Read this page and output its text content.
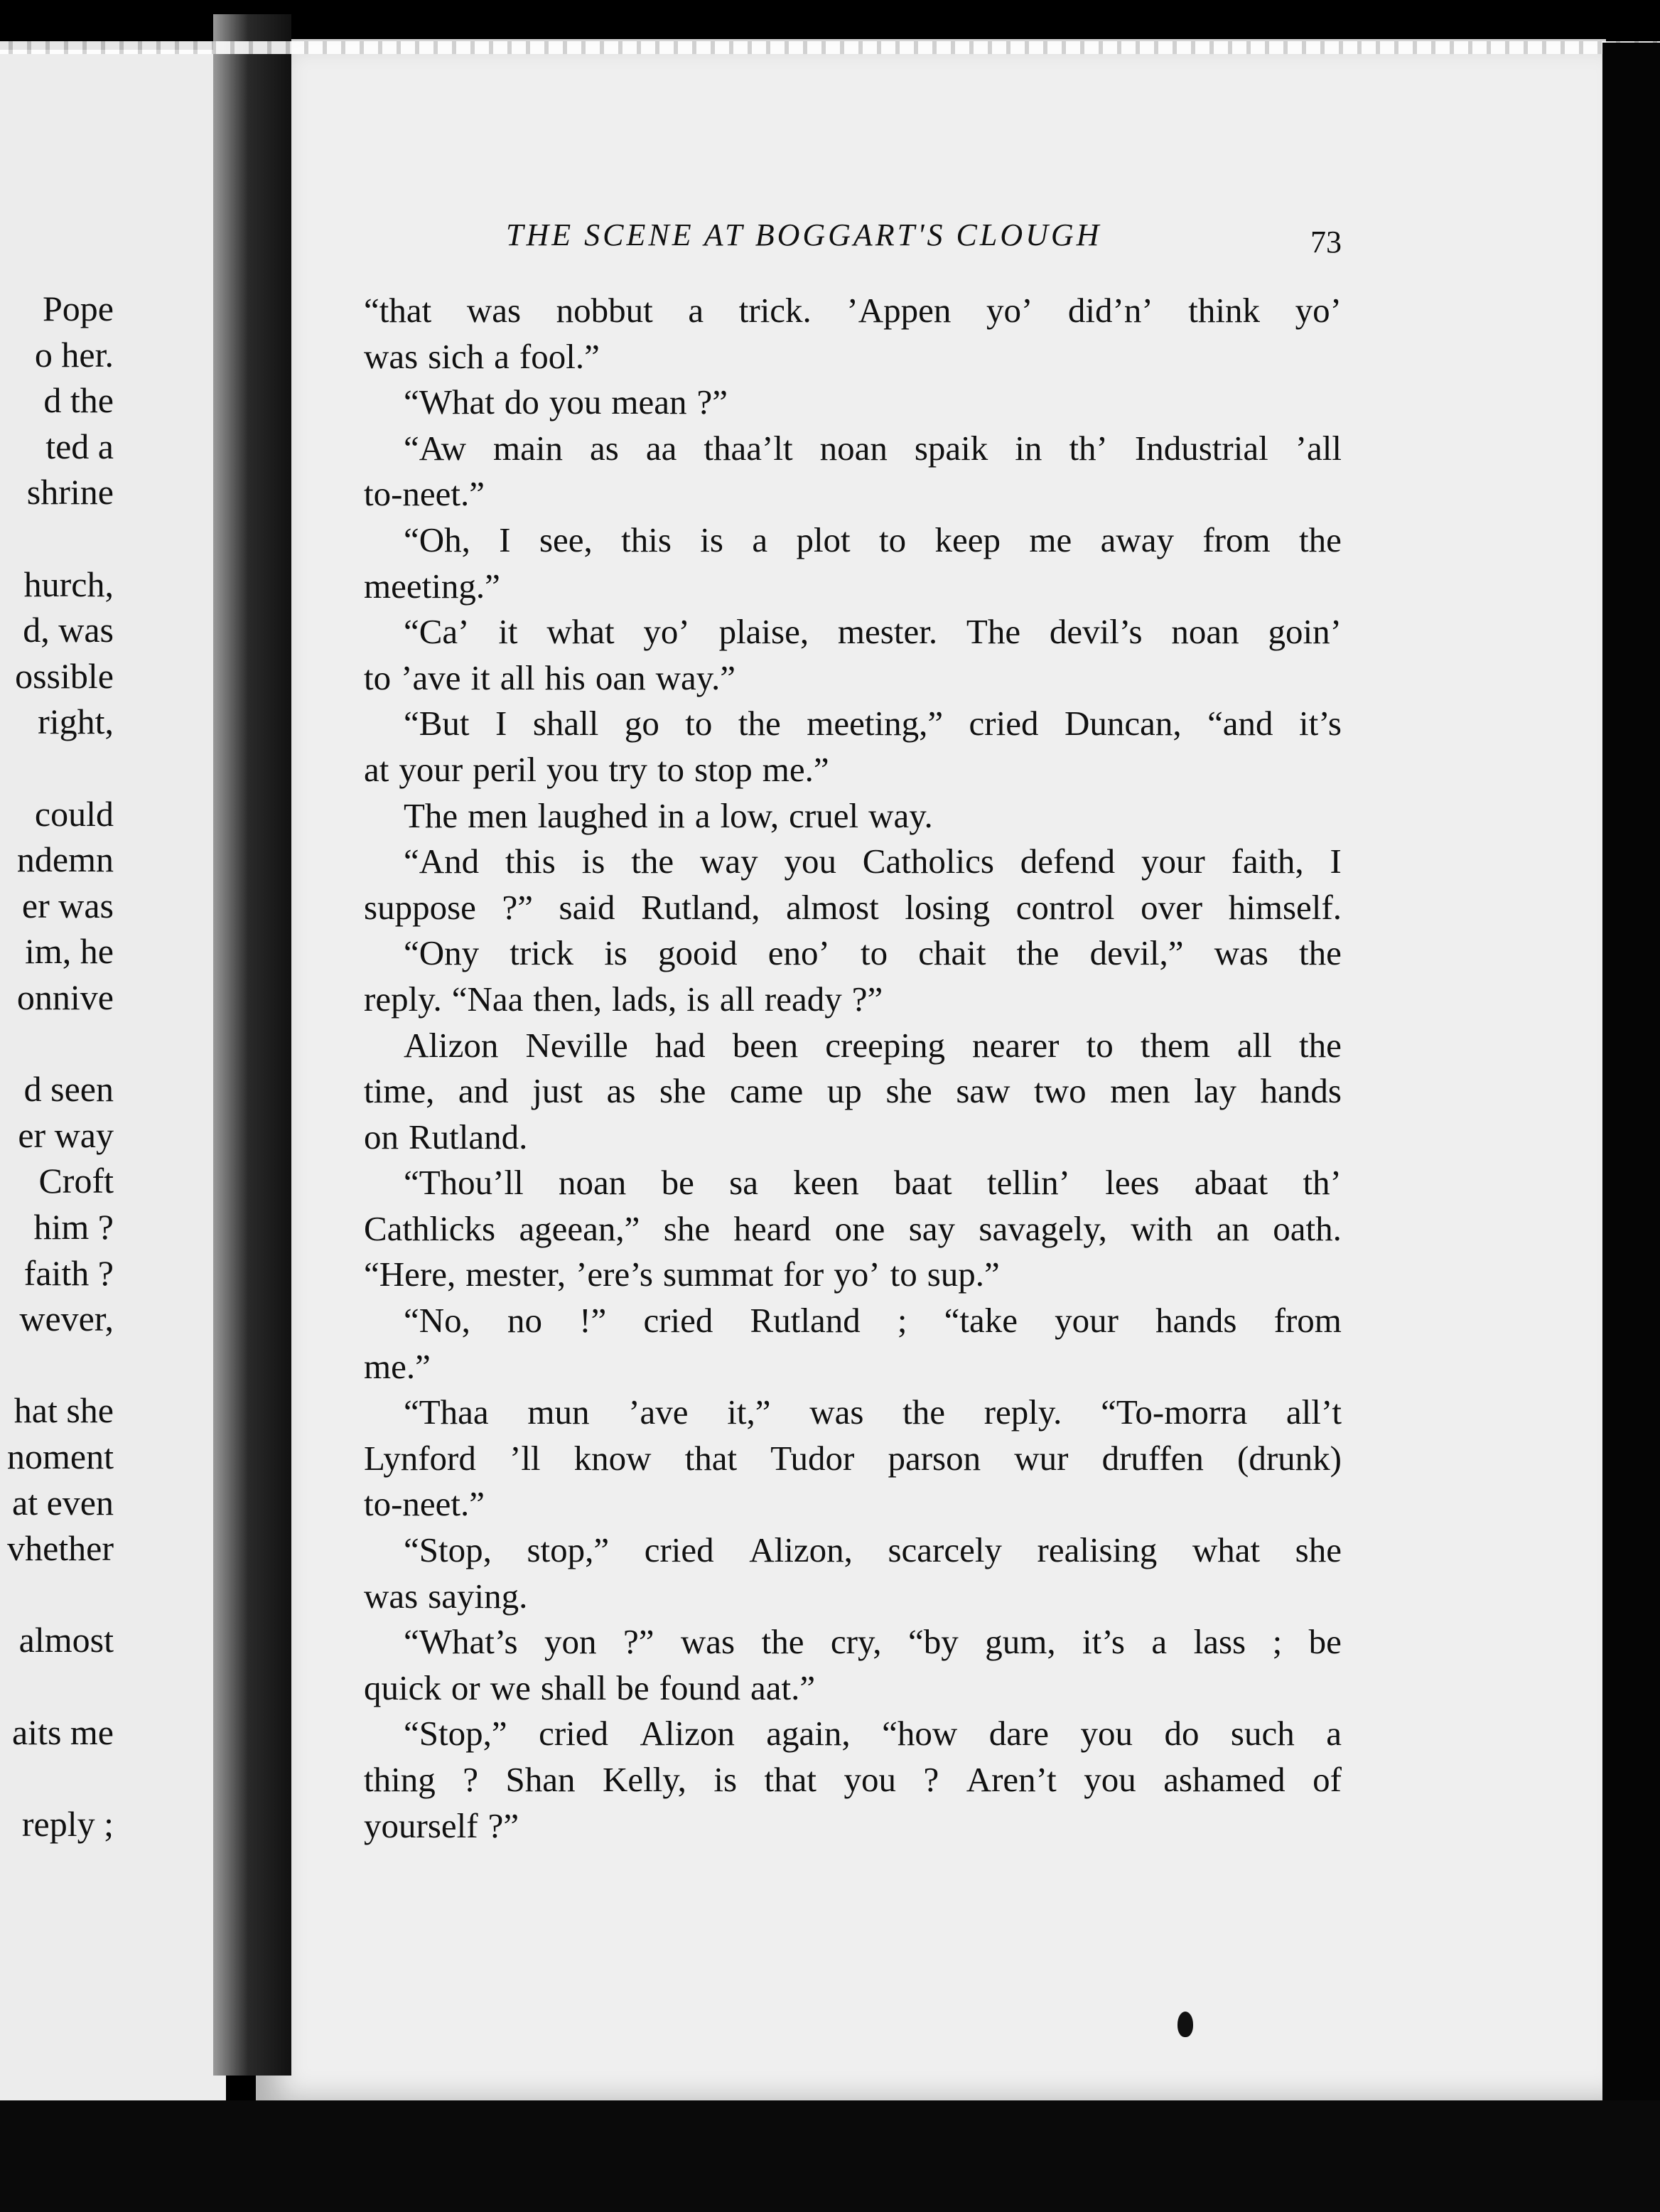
Pope
o her.
d the
ted a
shrine
hurch,
d, was
ossible
right,
could
ndemn
er was
im, he
onnive
d seen
er way
Croft
him ?
faith ?
wever,
hat she
noment
at even
vhether
almost
aits me
reply ;
THE SCENE AT BOGGART'S CLOUGH	73
“that was nobbut a trick. ’Appen yo’ did’n’ think yo’
was sich a fool.”
“What do you mean ?”
“Aw main as aa thaa’lt noan spaik in th’ Industrial ’all
to-neet.”
“Oh, I see, this is a plot to keep me away from the
meeting.”
“Ca’ it what yo’ plaise, mester. The devil’s noan goin’
to ’ave it all his oan way.”
“But I shall go to the meeting,” cried Duncan, “and it’s
at your peril you try to stop me.”
The men laughed in a low, cruel way.
“And this is the way you Catholics defend your faith, I
suppose ?” said Rutland, almost losing control over himself.
“Ony trick is gooid eno’ to chait the devil,” was the
reply. “Naa then, lads, is all ready ?”
Alizon Neville had been creeping nearer to them all the
time, and just as she came up she saw two men lay hands
on Rutland.
“Thou’ll noan be sa keen baat tellin’ lees abaat th’
Cathlicks ageean,” she heard one say savagely, with an oath.
“Here, mester, ’ere’s summat for yo’ to sup.”
“No, no !” cried Rutland ; “take your hands from
me.”
“Thaa mun ’ave it,” was the reply. “To-morra all’t
Lynford ’ll know that Tudor parson wur druffen (drunk)
to-neet.”
“Stop, stop,” cried Alizon, scarcely realising what she
was saying.
“What’s yon ?” was the cry, “by gum, it’s a lass ; be
quick or we shall be found aat.”
“Stop,” cried Alizon again, “how dare you do such a
thing ? Shan Kelly, is that you ? Aren’t you ashamed of
yourself ?”
